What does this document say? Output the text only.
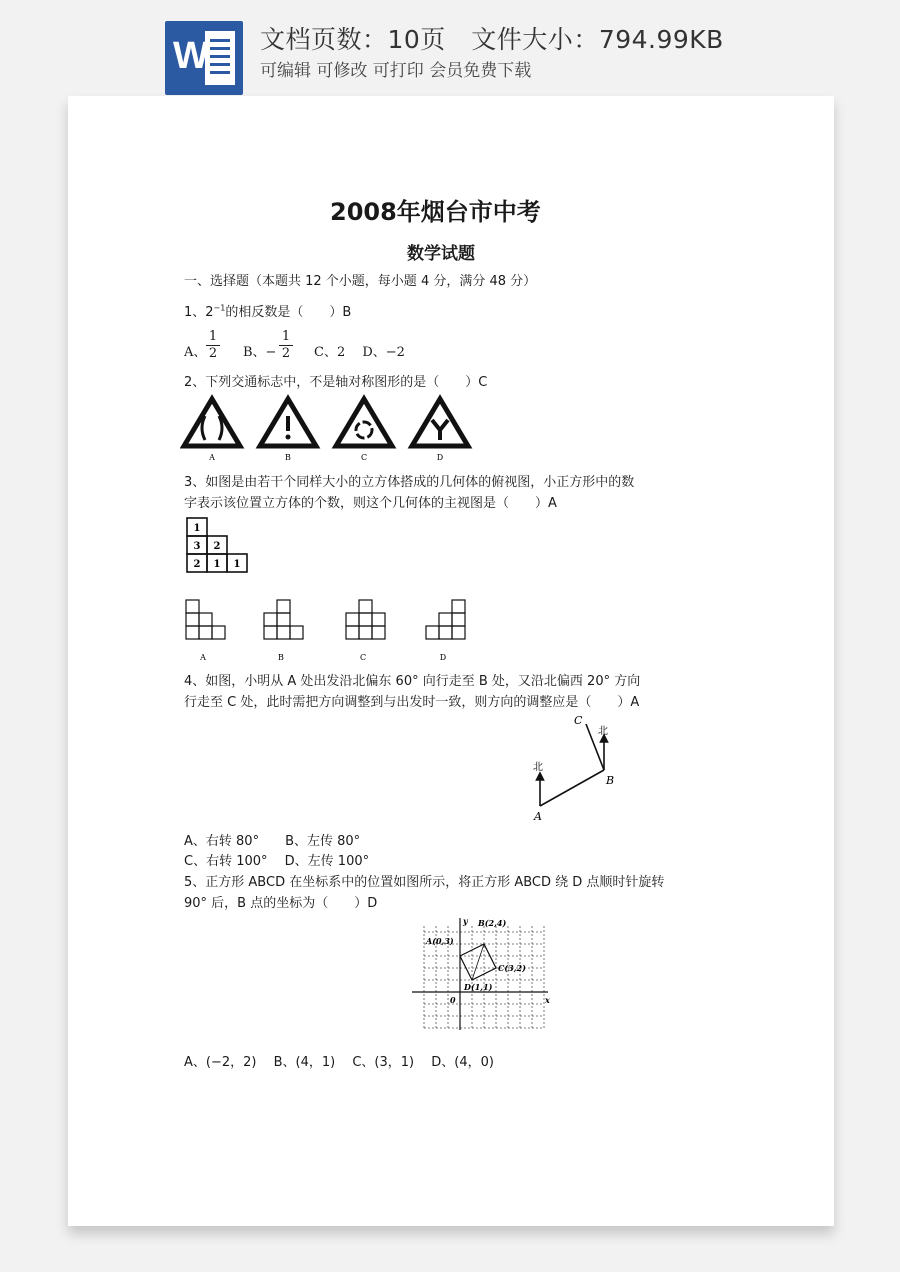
W 文档页数：10页　文件大小：794.99KB
可编辑 可修改 可打印 会员免费下载
2008年烟台市中考
数学试题
一、选择题（本题共 12 个小题，每小题 4 分，满分 48 分）
1、$2^{-1}$的相反数是（　　）B
A、 $\frac{1}{2}$ B、− $\frac{1}{2}$ C、2　 D、−2
2、下列交通标志中，不是轴对称图形的是（　　）C
A	B	C	D
3、如图是由若干个同样大小的立方体搭成的几何体的俯视图，小正方形中的数
字表示该位置立方体的个数，则这个几何体的主视图是（　　）A
1
3 2
2 1 1
A	B	C	D
4、如图，小明从 A 处出发沿北偏东 60° 向行走至 B 处，又沿北偏西 20° 方向
行走至 C 处，此时需把方向调整到与出发时一致，则方向的调整应是（　　）A
A
B
C
北
北
A、右转 80°　　B、左传 80°
C、右转 100°　 D、左传 100°
5、正方形 ABCD 在坐标系中的位置如图所示，将正方形 ABCD 绕 D 点顺时针旋转
90° 后，B 点的坐标为（　　）D
A(0,3)
B(2,4)
C(3,2)
D(1,1)
0	x
y
A、(−2，2)　 B、(4，1)　 C、(3，1)　 D、(4，0)
